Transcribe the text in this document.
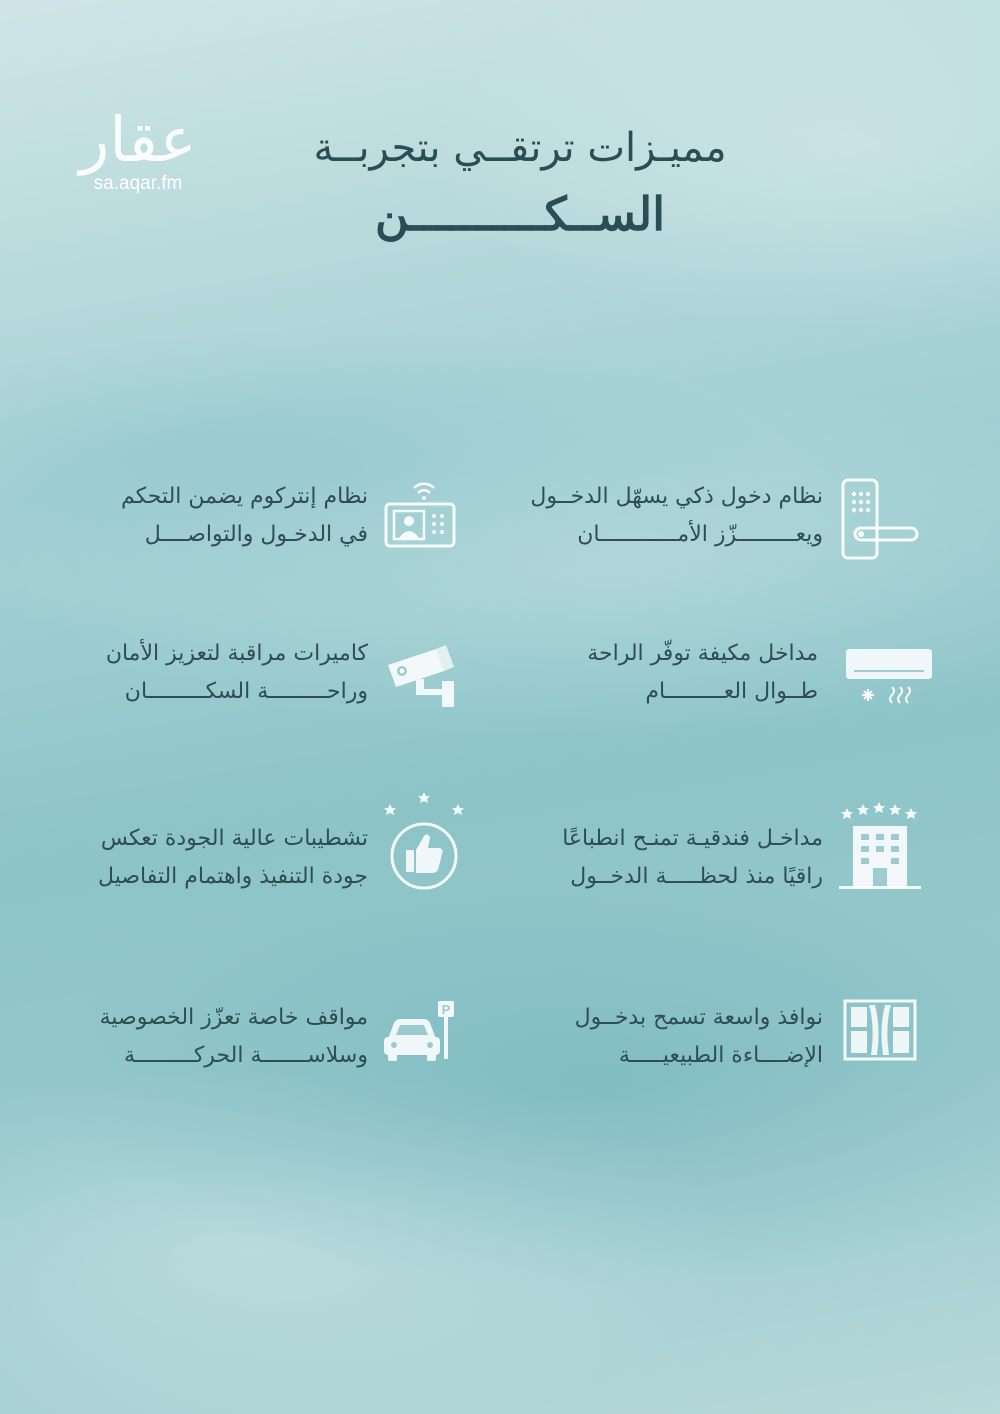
عقار
sa.aqar.fm
مميـزات ترتقــي بتجربــة
الســكــــــــــن
نظام دخول ذكي يسهّل الدخــول
ويعـــــــــزّز الأمــــــــــــان
نظام إنتركوم يضمن التحكم
في الدخـول والتواصــــل
مداخل مكيفة توفّر الراحة
طــوال العـــــــــام
كاميرات مراقبة لتعزيز الأمان
وراحـــــــــة السكـــــــــان
مداخـل فندقيـة تمنـح انطباعًا
راقيًا منذ لحظـــــة الدخــول
تشطيبات عالية الجودة تعكس
جودة التنفيذ واهتمام التفاصيل
نوافذ واسعة تسمح بدخــول
الإضــــاءة الطبيعيـــــة
P
مواقف خاصة تعزّز الخصوصية
وسلاســـــــة الحركـــــــــة
